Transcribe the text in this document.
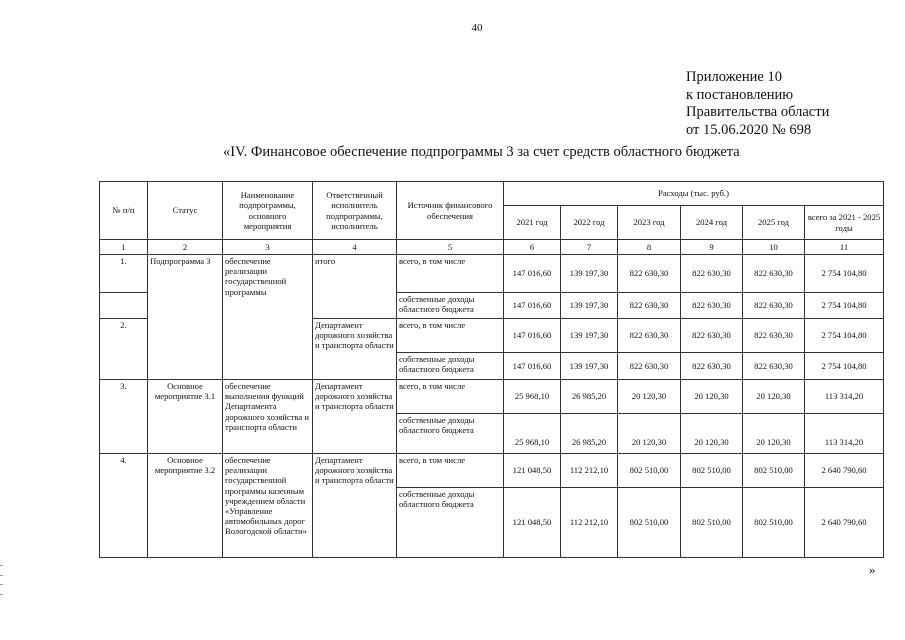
40
Приложение 10
к постановлению
Правительства области
от 15.06.2020 № 698
«IV. Финансовое обеспечение подпрограммы 3 за счет средств областного бюджета
№ п/п	Статус	Наименование подпрограммы, основного мероприятия	Ответственный исполнитель подпрограммы, исполнитель	Источник финансового обеспечения	Расходы (тыс. руб.)					
					2021 год	2022 год	2023 год	2024 год	2025 год	всего за 2021 - 2025 годы
1	2	3	4	5	6	7	8	9	10	11
1.	Подпрограмма 3	обеспечение реализации государственной программы	итого	всего, в том числе	147 016,60	139 197,30	822 630,30	822 630,30	822 630,30	2 754 104,80
				собственные доходы областного бюджета	147 016,60	139 197,30	822 630,30	822 630,30	822 630,30	2 754 104,80
2.			Департамент дорожного хозяйства и транспорта области	всего, в том числе	147 016,60	139 197,30	822 630,30	822 630,30	822 630,30	2 754 104,80
				собственные доходы областного бюджета	147 016,60	139 197,30	822 630,30	822 630,30	822 630,30	2 754 104,80
3.	Основное мероприятие 3.1	обеспечение выполнения функций Департамента дорожного хозяйства и транспорта области	Департамент дорожного хозяйства и транспорта области	всего, в том числе	25 968,10	26 985,20	20 120,30	20 120,30	20 120,30	113 314,20
				собственные доходы областного бюджета	25 968,10	26 985,20	20 120,30	20 120,30	20 120,30	113 314,20
4.	Основное мероприятие 3.2	обеспечение реализации государственной программы казенным учреждением области «Управление автомобильных дорог Вологодской области»	Департамент дорожного хозяйства и транспорта области	всего, в том числе	121 048,50	112 212,10	802 510,00	802 510,00	802 510,00	2 640 790,60
				собственные доходы областного бюджета	121 048,50	112 212,10	802 510,00	802 510,00	802 510,00	2 640 790,60
»
